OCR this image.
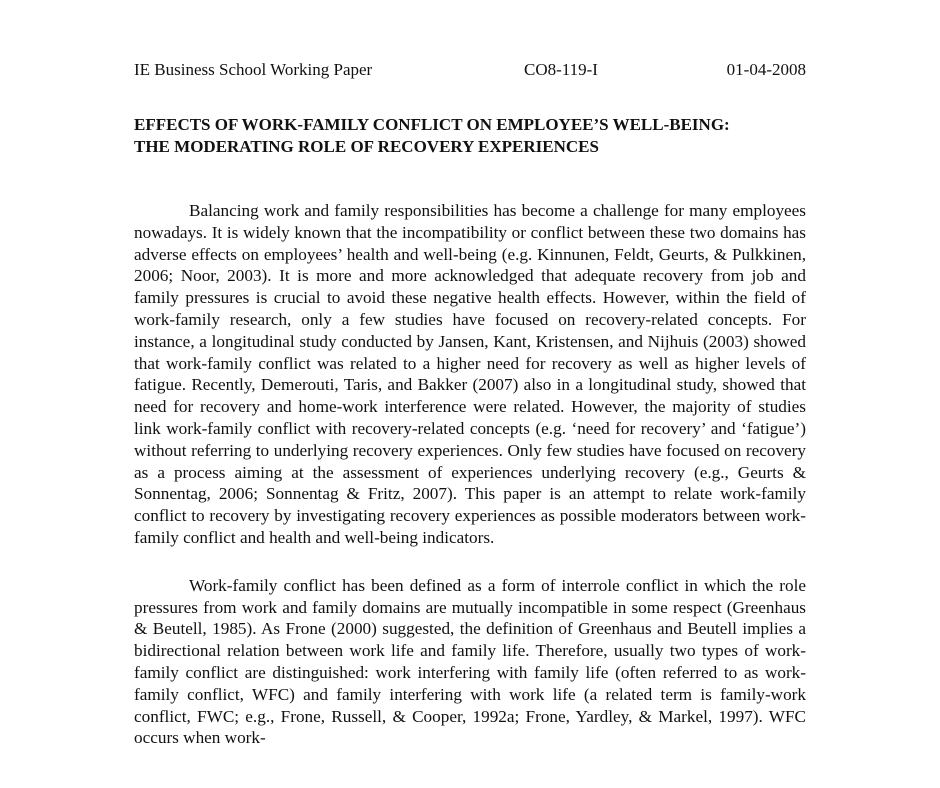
IE Business School Working Paper	CO8-119-I	01-04-2008
EFFECTS OF WORK-FAMILY CONFLICT ON EMPLOYEE’S WELL-BEING:
THE MODERATING ROLE OF RECOVERY EXPERIENCES

Balancing work and family responsibilities has become a challenge for many employees nowadays. It is widely known that the incompatibility or conflict between these two domains has adverse effects on employees’ health and well-being (e.g. Kinnunen, Feldt, Geurts, & Pulkkinen, 2006; Noor, 2003). It is more and more acknowledged that adequate recovery from job and family pressures is crucial to avoid these negative health effects. However, within the field of work-family research, only a few studies have focused on recovery-related concepts. For instance, a longitudinal study conducted by Jansen, Kant, Kristensen, and Nijhuis (2003) showed that work-family conflict was related to a higher need for recovery as well as higher levels of fatigue. Recently, Demerouti, Taris, and Bakker (2007) also in a longitudinal study, showed that need for recovery and home-work interference were related. However, the majority of studies link work-family conflict with recovery-related concepts (e.g. ‘need for recovery’ and ‘fatigue’) without referring to underlying recovery experiences. Only few studies have focused on recovery as a process aiming at the assessment of experiences underlying recovery (e.g., Geurts & Sonnentag, 2006; Sonnentag & Fritz, 2007). This paper is an attempt to relate work-family conflict to recovery by investigating recovery experiences as possible moderators between work-family conflict and health and well-being indicators.

Work-family conflict has been defined as a form of interrole conflict in which the role pressures from work and family domains are mutually incompatible in some respect (Greenhaus & Beutell, 1985). As Frone (2000) suggested, the definition of Greenhaus and Beutell implies a bidirectional relation between work life and family life. Therefore, usually two types of work-family conflict are distinguished: work interfering with family life (often referred to as work-family conflict, WFC) and family interfering with work life (a related term is family-work conflict, FWC; e.g., Frone, Russell, & Cooper, 1992a; Frone, Yardley, & Markel, 1997). WFC occurs when work-
